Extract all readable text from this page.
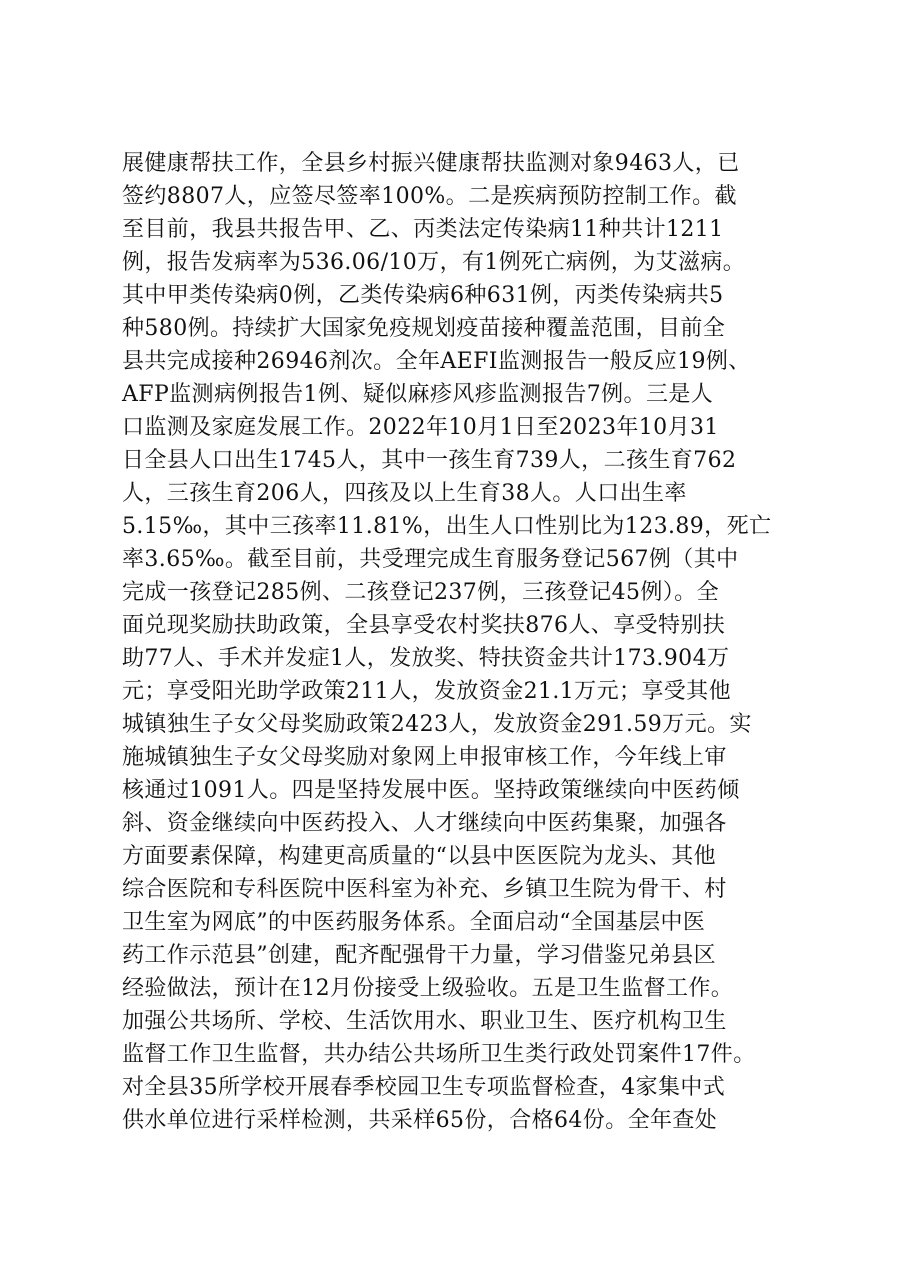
展健康帮扶工作，全县乡村振兴健康帮扶监测对象9463人，已
签约8807人，应签尽签率100%。二是疾病预防控制工作。截
至目前，我县共报告甲、乙、丙类法定传染病11种共计1211
例，报告发病率为536.06/10万，有1例死亡病例，为艾滋病。
其中甲类传染病0例，乙类传染病6种631例，丙类传染病共5
种580例。持续扩大国家免疫规划疫苗接种覆盖范围，目前全
县共完成接种26946剂次。全年AEFI监测报告一般反应19例、
AFP监测病例报告1例、疑似麻疹风疹监测报告7例。三是人
口监测及家庭发展工作。2022年10月1日至2023年10月31
日全县人口出生1745人，其中一孩生育739人，二孩生育762
人，三孩生育206人，四孩及以上生育38人。人口出生率
5.15‰，其中三孩率11.81%，出生人口性别比为123.89，死亡
率3.65‰。截至目前，共受理完成生育服务登记567例（其中
完成一孩登记285例、二孩登记237例，三孩登记45例）。全
面兑现奖励扶助政策，全县享受农村奖扶876人、享受特别扶
助77人、手术并发症1人，发放奖、特扶资金共计173.904万
元；享受阳光助学政策211人，发放资金21.1万元；享受其他
城镇独生子女父母奖励政策2423人，发放资金291.59万元。实
施城镇独生子女父母奖励对象网上申报审核工作，今年线上审
核通过1091人。四是坚持发展中医。坚持政策继续向中医药倾
斜、资金继续向中医药投入、人才继续向中医药集聚，加强各
方面要素保障，构建更高质量的“以县中医医院为龙头、其他
综合医院和专科医院中医科室为补充、乡镇卫生院为骨干、村
卫生室为网底”的中医药服务体系。全面启动“全国基层中医
药工作示范县”创建，配齐配强骨干力量，学习借鉴兄弟县区
经验做法，预计在12月份接受上级验收。五是卫生监督工作。
加强公共场所、学校、生活饮用水、职业卫生、医疗机构卫生
监督工作卫生监督，共办结公共场所卫生类行政处罚案件17件。
对全县35所学校开展春季校园卫生专项监督检查，4家集中式
供水单位进行采样检测，共采样65份，合格64份。全年查处
